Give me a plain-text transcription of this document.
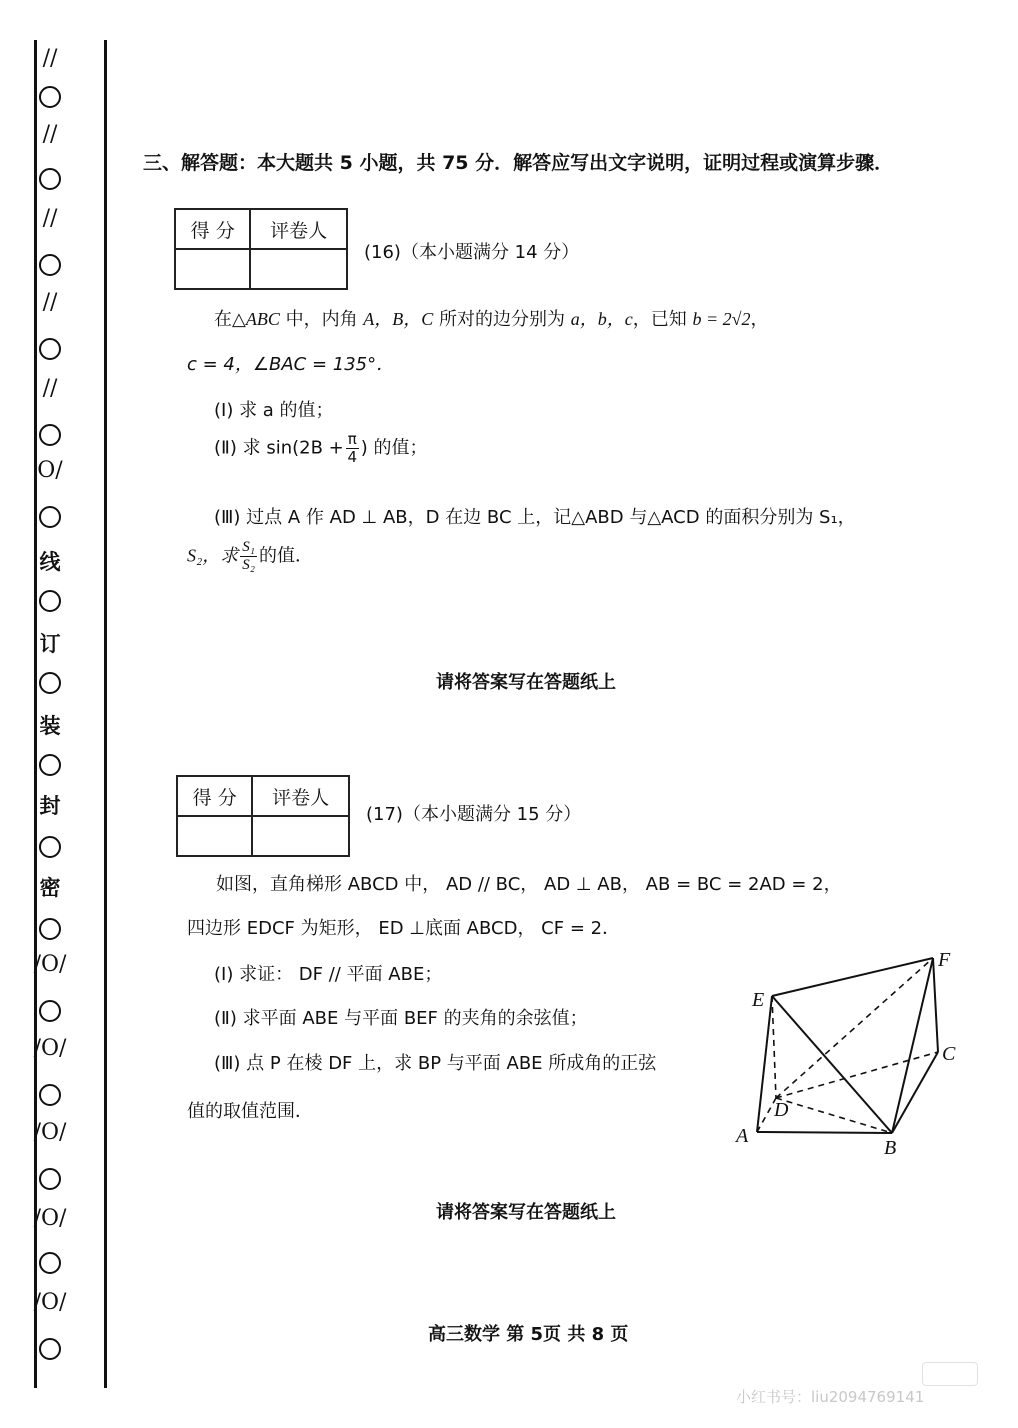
//
//
//
//
//
O/
线
订
装
封
密
/O/
/O/
/O/
/O/
/O/
三、解答题：本大题共 5 小题，共 75 分．解答应写出文字说明，证明过程或演算步骤．
得 分	评卷人

(16)（本小题满分 14 分）
在△ABC 中，内角 A，B，C 所对的边分别为 a，b，c，已知 b = 2√2，
c = 4，∠BAC = 135°．
(Ⅰ) 求 a 的值；
(Ⅱ) 求 $\sin(2B + \frac{\pi}{4}$ ) 的值；
(Ⅲ) 过点 A 作 AD ⊥ AB，D 在边 BC 上，记△ABD 与△ACD 的面积分别为 S₁，
S₂，求 $\frac{\text{S₁}}{\text{S₂}}$ 的值．
请将答案写在答题纸上
得 分	评卷人

(17)（本小题满分 15 分）
如图，直角梯形 ABCD 中， AD // BC， AD ⊥ AB， AB = BC = 2AD = 2，
四边形 EDCF 为矩形， ED ⊥底面 ABCD， CF = 2．
(Ⅰ) 求证： DF // 平面 ABE；
(Ⅱ) 求平面 ABE 与平面 BEF 的夹角的余弦值；
(Ⅲ) 点 P 在棱 DF 上，求 BP 与平面 ABE 所成角的正弦
值的取值范围．
E
F
C
D
A
B
请将答案写在答题纸上
高三数学 第 5页 共 8 页
小红书号：liu2094769141
